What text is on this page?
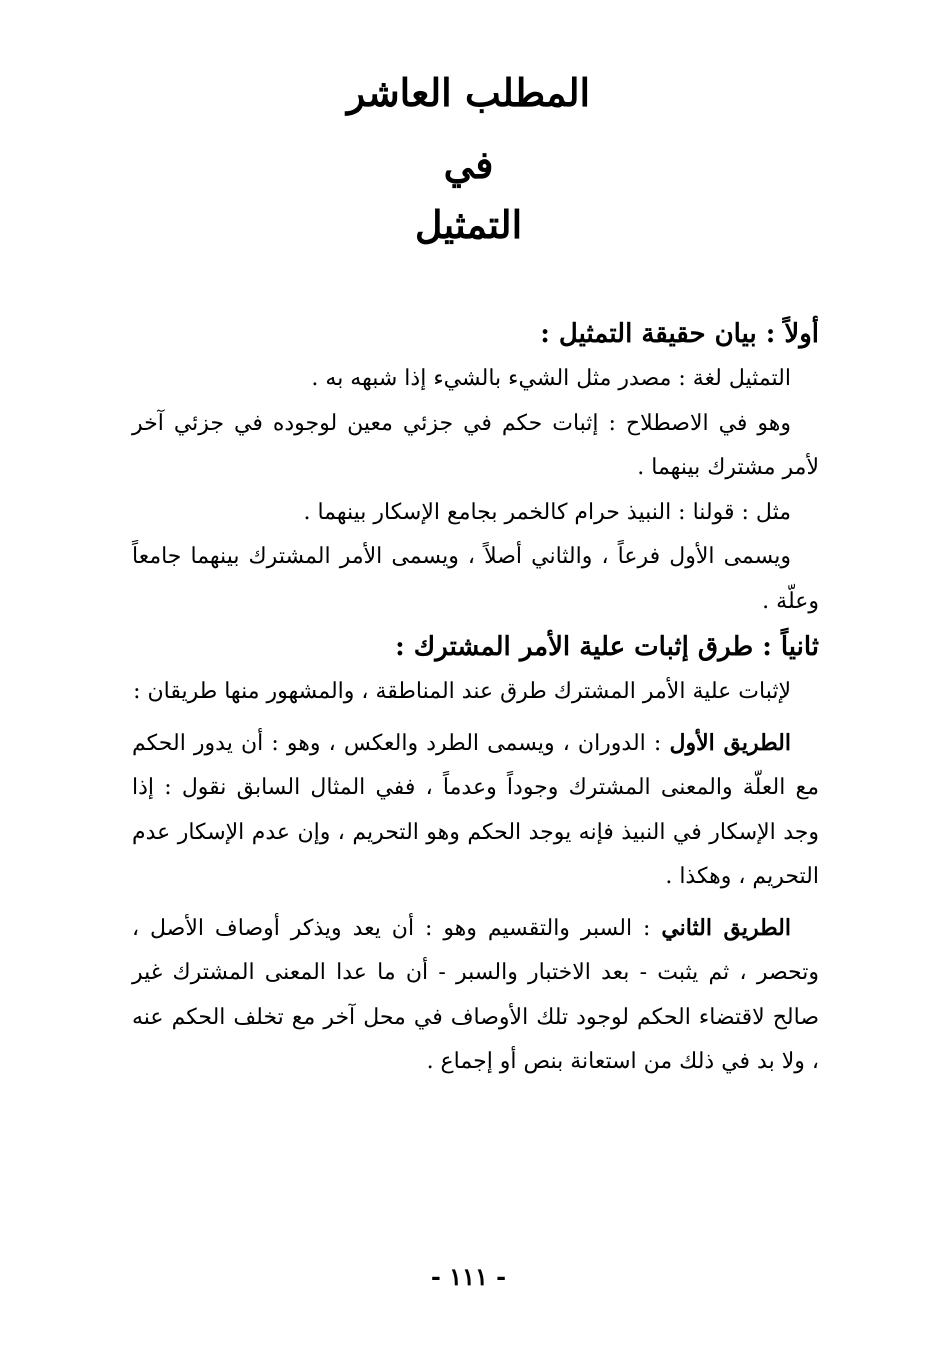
المطلب العاشر
في
التمثيل

أولاً : بيان حقيقة التمثيل :

التمثيل لغة : مصدر مثل الشيء بالشيء إذا شبهه به .

وهو في الاصطلاح : إثبات حكم في جزئي معين لوجوده في جزئي آخر لأمر مشترك بينهما .

مثل : قولنا : النبيذ حرام كالخمر بجامع الإسكار بينهما .

ويسمى الأول فرعاً ، والثاني أصلاً ، ويسمى الأمر المشترك بينهما جامعاً وعلّة .

ثانياً : طرق إثبات علية الأمر المشترك :

لإثبات علية الأمر المشترك طرق عند المناطقة ، والمشهور منها طريقان :

الطريق الأول : الدوران ، ويسمى الطرد والعكس ، وهو : أن يدور الحكم مع العلّة والمعنى المشترك وجوداً وعدماً ، ففي المثال السابق نقول : إذا وجد الإسكار في النبيذ فإنه يوجد الحكم وهو التحريم ، وإن عدم الإسكار عدم التحريم ، وهكذا .

الطريق الثاني : السبر والتقسيم وهو : أن يعد ويذكر أوصاف الأصل ، وتحصر ، ثم يثبت - بعد الاختبار والسبر - أن ما عدا المعنى المشترك غير صالح لاقتضاء الحكم لوجود تلك الأوصاف في محل آخر مع تخلف الحكم عنه ، ولا بد في ذلك من استعانة بنص أو إجماع .

- ١١١ -
